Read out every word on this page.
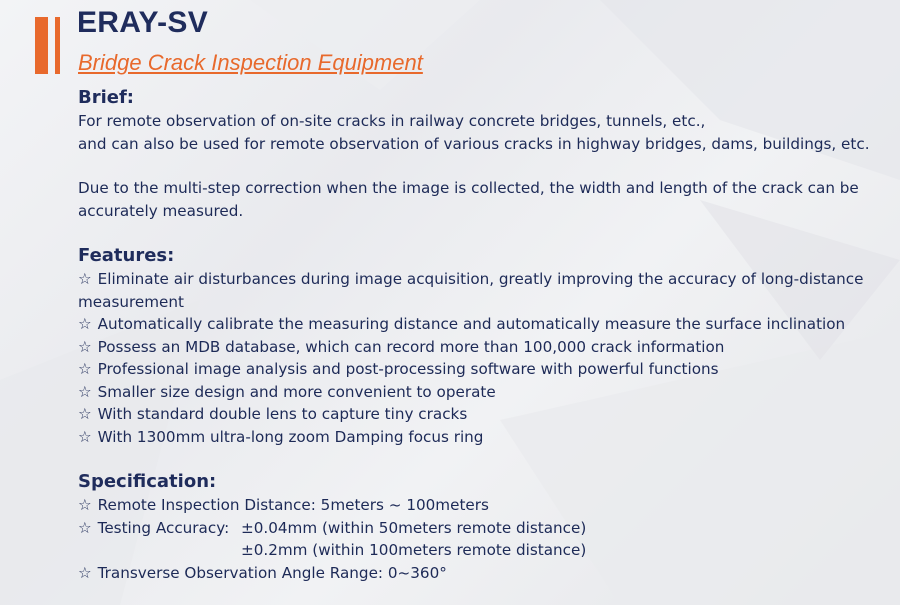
ERAY-SV
Bridge Crack Inspection Equipment
Brief:

For remote observation of on-site cracks in railway concrete bridges, tunnels, etc.,

and can also be used for remote observation of various cracks in highway bridges, dams, buildings, etc.

Due to the multi-step correction when the image is collected, the width and length of the crack can be accurately measured.

Features:

☆ Eliminate air disturbances during image acquisition, greatly improving the accuracy of long-distance measurement

☆ Automatically calibrate the measuring distance and automatically measure the surface inclination

☆ Possess an MDB database, which can record more than 100,000 crack information

☆ Professional image analysis and post-processing software with powerful functions

☆ Smaller size design and more convenient to operate

☆ With standard double lens to capture tiny cracks

☆ With 1300mm ultra-long zoom Damping focus ring

Specification:

☆ Remote Inspection Distance: 5meters ~ 100meters

☆ Testing Accuracy: ±0.04mm (within 50meters remote distance)

±0.2mm (within 100meters remote distance)

☆ Transverse Observation Angle Range: 0~360°
